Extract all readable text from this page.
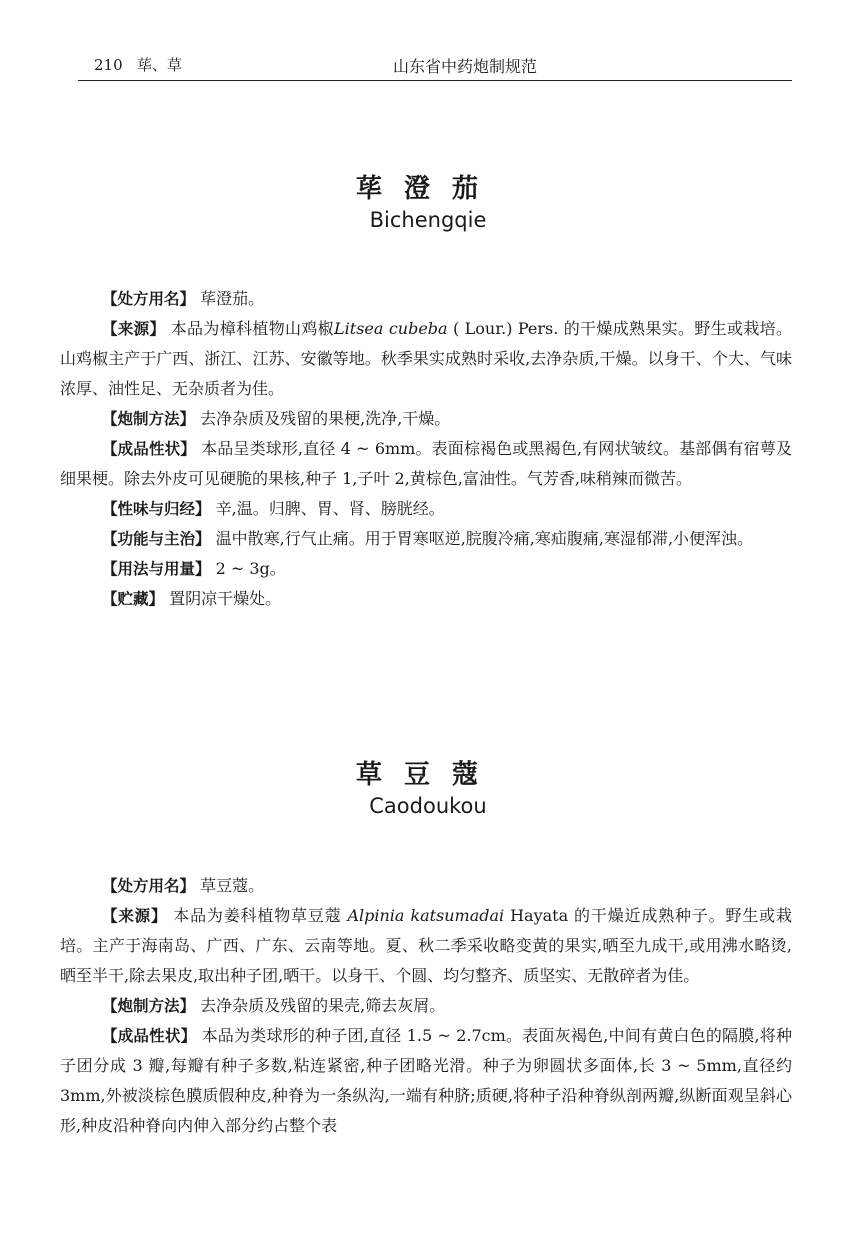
210 荜、草	山东省中药炮制规范
荜澄茄
Bichengqie

【处方用名】 荜澄茄。

【来源】 本品为樟科植物山鸡椒Litsea cubeba ( Lour.) Pers. 的干燥成熟果实。野生或栽培。山鸡椒主产于广西、浙江、江苏、安徽等地。秋季果实成熟时采收,去净杂质,干燥。以身干、个大、气味浓厚、油性足、无杂质者为佳。

【炮制方法】 去净杂质及残留的果梗,洗净,干燥。

【成品性状】 本品呈类球形,直径 4 ~ 6mm。表面棕褐色或黑褐色,有网状皱纹。基部偶有宿萼及细果梗。除去外皮可见硬脆的果核,种子 1,子叶 2,黄棕色,富油性。气芳香,味稍辣而微苦。

【性味与归经】 辛,温。归脾、胃、肾、膀胱经。

【功能与主治】 温中散寒,行气止痛。用于胃寒呕逆,脘腹冷痛,寒疝腹痛,寒湿郁滞,小便浑浊。

【用法与用量】 2 ~ 3g。

【贮藏】 置阴凉干燥处。

草豆蔻
Caodoukou

【处方用名】 草豆蔻。

【来源】 本品为姜科植物草豆蔻 Alpinia katsumadai Hayata 的干燥近成熟种子。野生或栽培。主产于海南岛、广西、广东、云南等地。夏、秋二季采收略变黄的果实,晒至九成干,或用沸水略烫,晒至半干,除去果皮,取出种子团,晒干。以身干、个圆、均匀整齐、质坚实、无散碎者为佳。

【炮制方法】 去净杂质及残留的果壳,筛去灰屑。

【成品性状】 本品为类球形的种子团,直径 1.5 ~ 2.7cm。表面灰褐色,中间有黄白色的隔膜,将种子团分成 3 瓣,每瓣有种子多数,粘连紧密,种子团略光滑。种子为卵圆状多面体,长 3 ~ 5mm,直径约 3mm,外被淡棕色膜质假种皮,种脊为一条纵沟,一端有种脐;质硬,将种子沿种脊纵剖两瓣,纵断面观呈斜心形,种皮沿种脊向内伸入部分约占整个表
